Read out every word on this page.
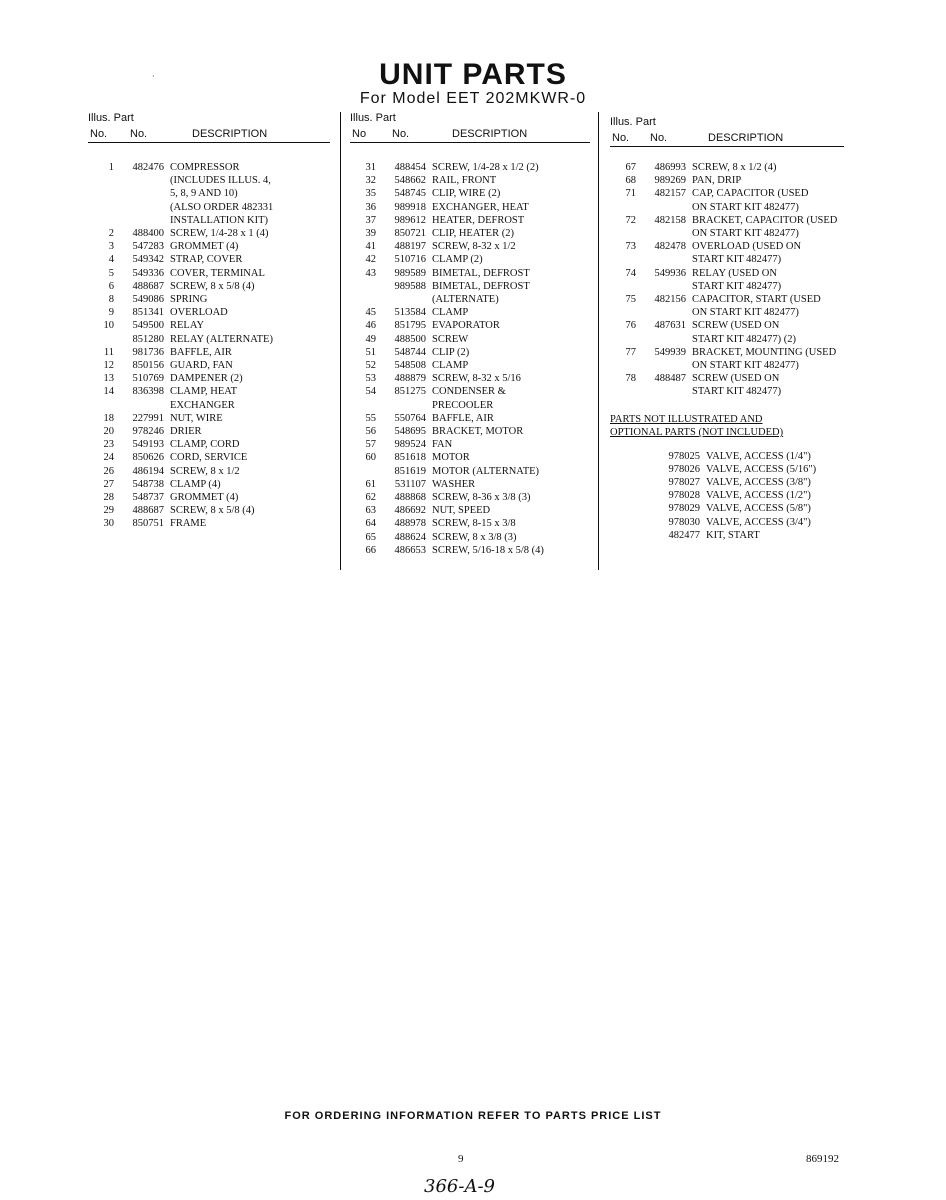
·	UNIT PARTS
For Model EET 202MKWR-0
Illus. Part
No. No.	DESCRIPTION
1	482476 COMPRESSOR
(INCLUDES ILLUS. 4,
5, 8, 9 AND 10)
(ALSO ORDER 482331
INSTALLATION KIT)
2	488400 SCREW, 1/4-28 x 1 (4)
3	547283 GROMMET (4)
4	549342 STRAP, COVER
5	549336 COVER, TERMINAL
6	488687 SCREW, 8 x 5/8 (4)
8	549086 SPRING
9	851341 OVERLOAD
10	549500 RELAY
851280 RELAY (ALTERNATE)
11	981736 BAFFLE, AIR
12	850156 GUARD, FAN
13	510769 DAMPENER (2)
14	836398 CLAMP, HEAT
EXCHANGER
18	227991 NUT, WIRE
20	978246 DRIER
23	549193 CLAMP, CORD
24	850626 CORD, SERVICE
26	486194 SCREW, 8 x 1/2
27	548738 CLAMP (4)
28	548737 GROMMET (4)
29	488687 SCREW, 8 x 5/8 (4)
30	850751 FRAME
Illus. Part
No No.	DESCRIPTION
31	488454 SCREW, 1/4-28 x 1/2 (2)
32	548662 RAIL, FRONT
35	548745 CLIP, WIRE (2)
36	989918 EXCHANGER, HEAT
37	989612 HEATER, DEFROST
39	850721 CLIP, HEATER (2)
41	488197 SCREW, 8-32 x 1/2
42	510716 CLAMP (2)
43	989589 BIMETAL, DEFROST
989588 BIMETAL, DEFROST
(ALTERNATE)
45	513584 CLAMP
46	851795 EVAPORATOR
49	488500 SCREW
51	548744 CLIP (2)
52	548508 CLAMP
53	488879 SCREW, 8-32 x 5/16
54	851275 CONDENSER &
PRECOOLER
55	550764 BAFFLE, AIR
56	548695 BRACKET, MOTOR
57	989524 FAN
60	851618 MOTOR
851619 MOTOR (ALTERNATE)
61	531107 WASHER
62	488868 SCREW, 8-36 x 3/8 (3)
63	486692 NUT, SPEED
64	488978 SCREW, 8-15 x 3/8
65	488624 SCREW, 8 x 3/8 (3)
66	486653 SCREW, 5/16-18 x 5/8 (4)
Illus. Part
No. No.	DESCRIPTION
67	486993 SCREW, 8 x 1/2 (4)
68	989269 PAN, DRIP
71	482157 CAP, CAPACITOR (USED
ON START KIT 482477)
72	482158 BRACKET, CAPACITOR (USED
ON START KIT 482477)
73	482478 OVERLOAD (USED ON
START KIT 482477)
74	549936 RELAY (USED ON
START KIT 482477)
75	482156 CAPACITOR, START (USED
ON START KIT 482477)
76	487631 SCREW (USED ON
START KIT 482477) (2)
77	549939 BRACKET, MOUNTING (USED
ON START KIT 482477)
78	488487 SCREW (USED ON
START KIT 482477)
PARTS NOT ILLUSTRATED AND
OPTIONAL PARTS (NOT INCLUDED)
978025 VALVE, ACCESS (1/4")
978026 VALVE, ACCESS (5/16")
978027 VALVE, ACCESS (3/8")
978028 VALVE, ACCESS (1/2")
978029 VALVE, ACCESS (5/8")
978030 VALVE, ACCESS (3/4")
482477 KIT, START
FOR ORDERING INFORMATION REFER TO PARTS PRICE LIST
9	869192
366-A-9
